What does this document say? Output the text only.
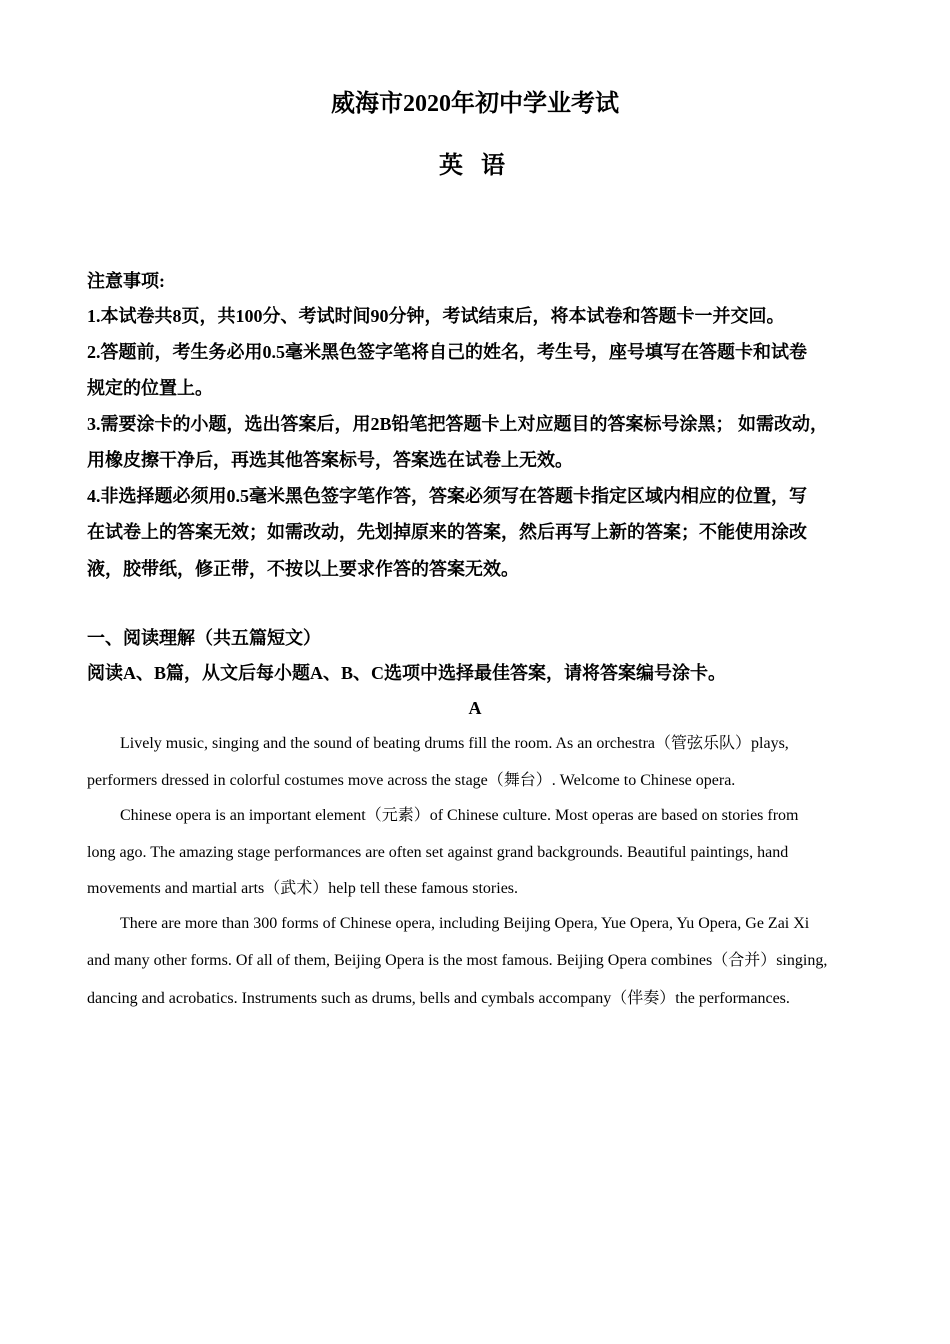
威海市2020年初中学业考试
英 语
注意事项:
1.本试卷共8页，共100分、考试时间90分钟，考试结束后，将本试卷和答题卡一并交回。
2.答题前，考生务必用0.5毫米黑色签字笔将自己的姓名，考生号，座号填写在答题卡和试卷
规定的位置上。
3.需要涂卡的小题，选出答案后，用2B铅笔把答题卡上对应题目的答案标号涂黑； 如需改动，
用橡皮擦干净后，再选其他答案标号，答案选在试卷上无效。
4.非选择题必须用0.5毫米黑色签字笔作答，答案必须写在答题卡指定区域内相应的位置，写
在试卷上的答案无效；如需改动，先划掉原来的答案，然后再写上新的答案；不能使用涂改
液，胶带纸，修正带，不按以上要求作答的答案无效。
一、阅读理解（共五篇短文）
阅读A、B篇，从文后每小题A、B、C选项中选择最佳答案，请将答案编号涂卡。
A
Lively music, singing and the sound of beating drums fill the room. As an orchestra（管弦乐队）plays,
performers dressed in colorful costumes move across the stage（舞台）. Welcome to Chinese opera.
Chinese opera is an important element（元素）of Chinese culture. Most operas are based on stories from
long ago. The amazing stage performances are often set against grand backgrounds. Beautiful paintings, hand
movements and martial arts（武术）help tell these famous stories.
There are more than 300 forms of Chinese opera, including Beijing Opera, Yue Opera, Yu Opera, Ge Zai Xi
and many other forms. Of all of them, Beijing Opera is the most famous. Beijing Opera combines（合并）singing,
dancing and acrobatics. Instruments such as drums, bells and cymbals accompany（伴奏）the performances.
